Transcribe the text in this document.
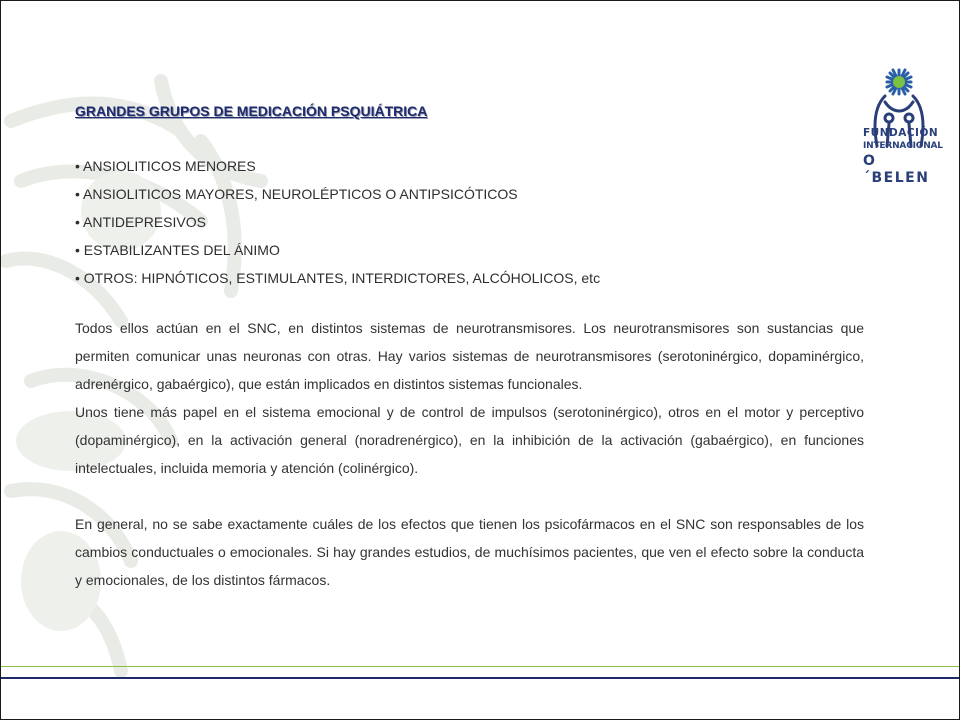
FUNDACIÓN
INTERNACIONAL
O´BELEN
GRANDES GRUPOS DE MEDICACIÓN PSQUIÁTRICA
• ANSIOLITICOS MENORES
• ANSIOLITICOS MAYORES, NEUROLÉPTICOS O ANTIPSICÓTICOS
• ANTIDEPRESIVOS
• ESTABILIZANTES DEL ÁNIMO
• OTROS: HIPNÓTICOS, ESTIMULANTES, INTERDICTORES, ALCÓHOLICOS, etc

Todos ellos actúan en el SNC, en distintos sistemas de neurotransmisores. Los neurotransmisores son sustancias que permiten comunicar unas neuronas con otras. Hay varios sistemas de neurotransmisores (serotoninérgico, dopaminérgico, adrenérgico, gabaérgico), que están implicados en distintos sistemas funcionales.

Unos tiene más papel en el sistema emocional y de control de impulsos (serotoninérgico), otros en el motor y perceptivo (dopaminérgico), en la activación general (noradrenérgico), en la inhibición de la activación (gabaérgico), en funciones intelectuales, incluida memoria y atención (colinérgico).

En general, no se sabe exactamente cuáles de los efectos que tienen los psicofármacos en el SNC son responsables de los cambios conductuales o emocionales. Si hay grandes estudios, de muchísimos pacientes, que ven el efecto sobre la conducta y emocionales, de los distintos fármacos.
